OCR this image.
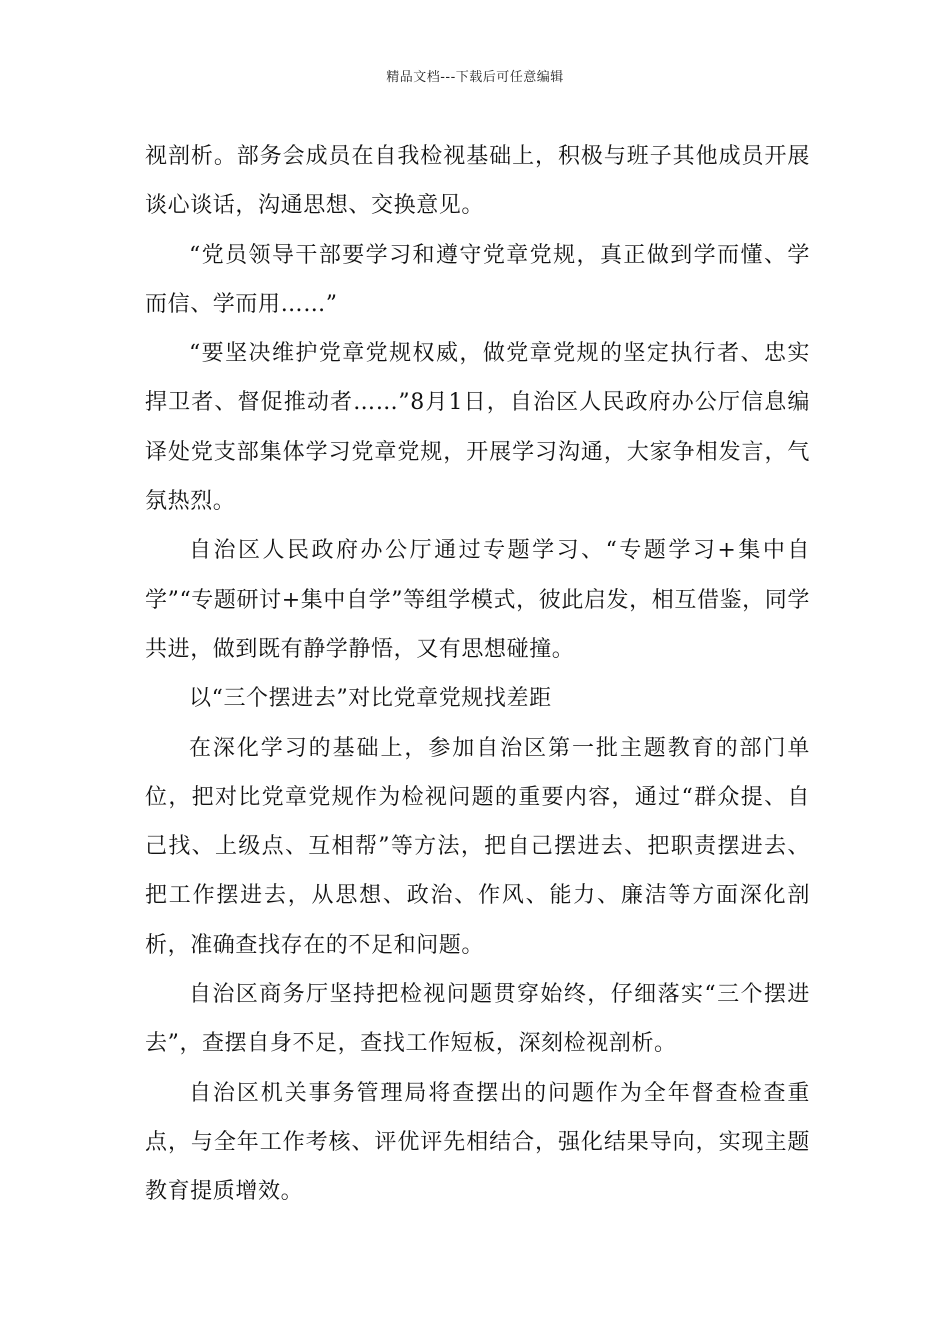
精品文档---下载后可任意编辑

视剖析。部务会成员在自我检视基础上，积极与班子其他成员开展谈心谈话，沟通思想、交换意见。

“党员领导干部要学习和遵守党章党规，真正做到学而懂、学而信、学而用……”

“要坚决维护党章党规权威，做党章党规的坚定执行者、忠实捍卫者、督促推动者……”8月1日，自治区人民政府办公厅信息编译处党支部集体学习党章党规，开展学习沟通，大家争相发言，气氛热烈。

自治区人民政府办公厅通过专题学习、“专题学习+集中自学”“专题研讨+集中自学”等组学模式，彼此启发，相互借鉴，同学共进，做到既有静学静悟，又有思想碰撞。

以“三个摆进去”对比党章党规找差距

在深化学习的基础上，参加自治区第一批主题教育的部门单位，把对比党章党规作为检视问题的重要内容，通过“群众提、自己找、上级点、互相帮”等方法，把自己摆进去、把职责摆进去、把工作摆进去，从思想、政治、作风、能力、廉洁等方面深化剖析，准确查找存在的不足和问题。

自治区商务厅坚持把检视问题贯穿始终，仔细落实“三个摆进去”，查摆自身不足，查找工作短板，深刻检视剖析。

自治区机关事务管理局将查摆出的问题作为全年督查检查重点，与全年工作考核、评优评先相结合，强化结果导向，实现主题教育提质增效。
